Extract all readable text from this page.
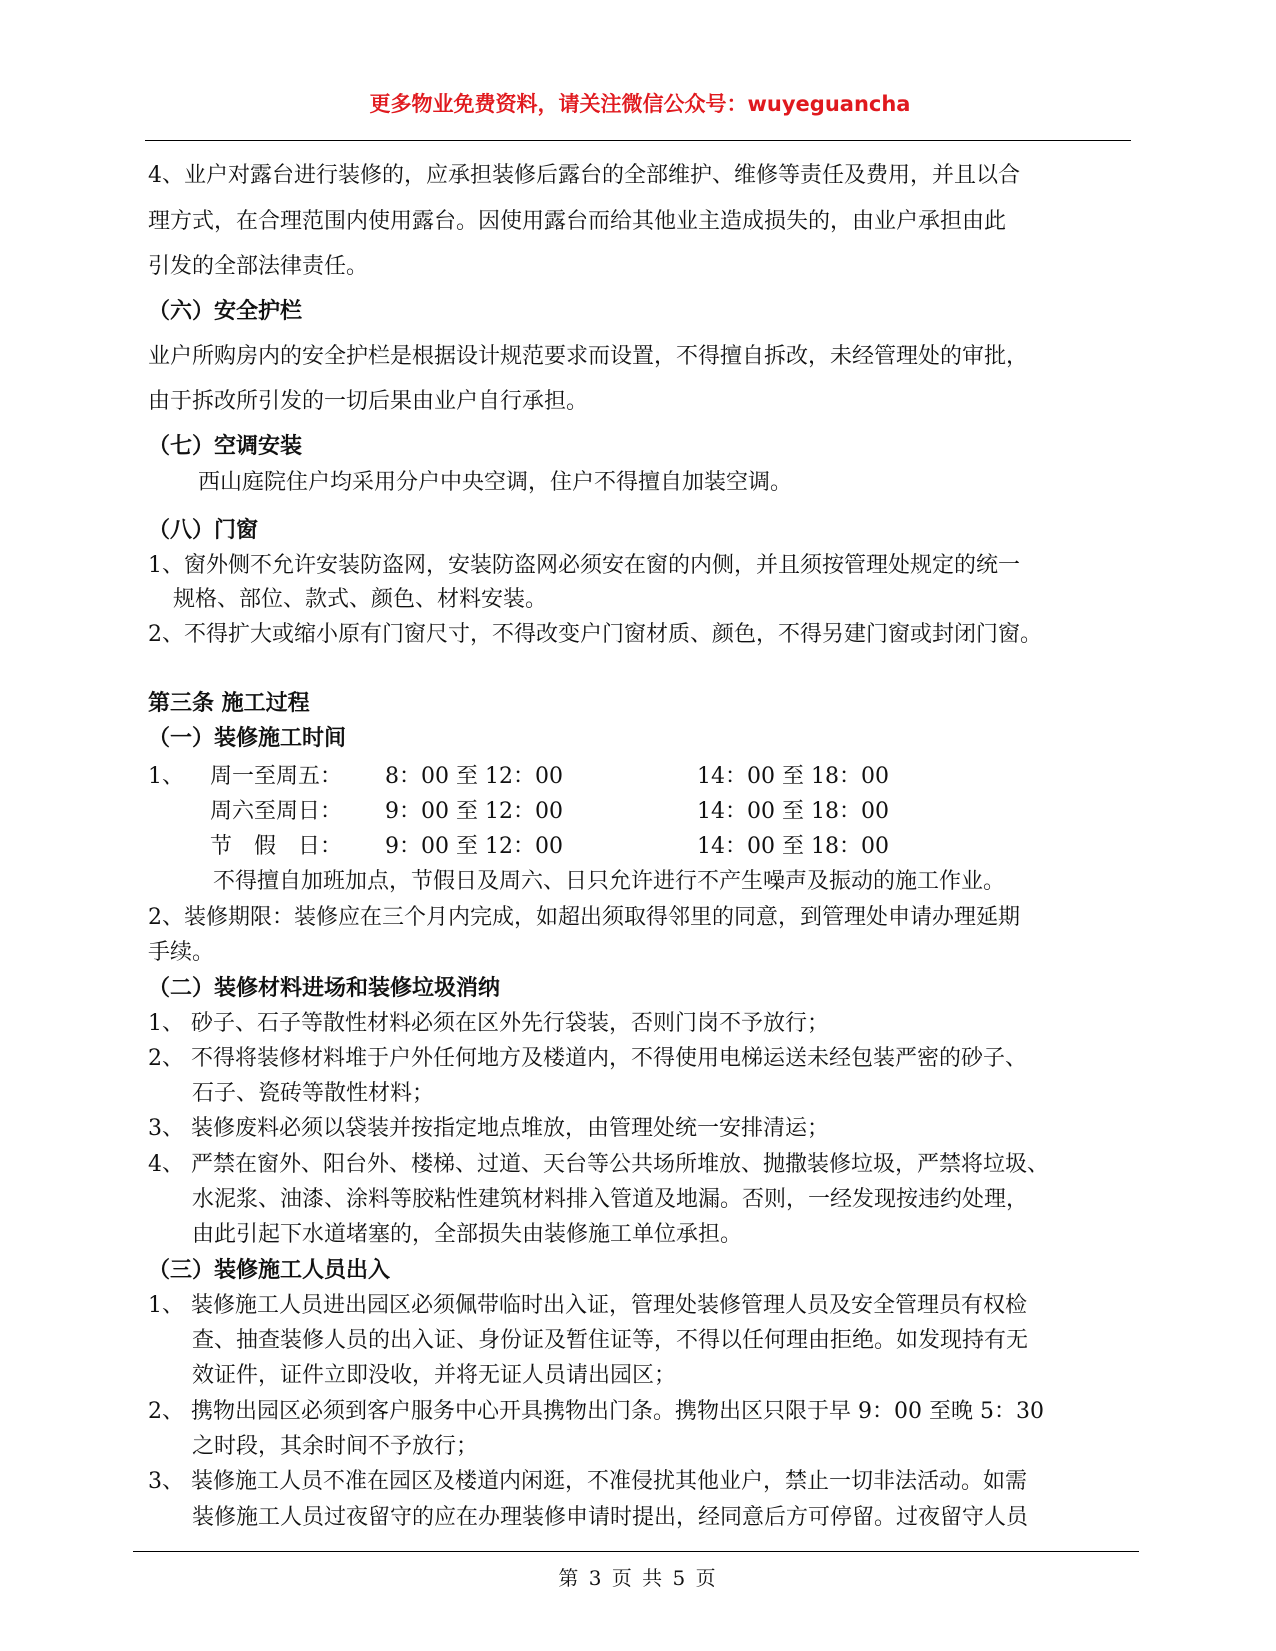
更多物业免费资料，请关注微信公众号：wuyeguancha
4、业户对露台进行装修的，应承担装修后露台的全部维护、维修等责任及费用，并且以合
理方式，在合理范围内使用露台。因使用露台而给其他业主造成损失的，由业户承担由此
引发的全部法律责任。
（六）安全护栏
业户所购房内的安全护栏是根据设计规范要求而设置，不得擅自拆改，未经管理处的审批，
由于拆改所引发的一切后果由业户自行承担。
（七）空调安装
西山庭院住户均采用分户中央空调，住户不得擅自加装空调。
（八）门窗
1、窗外侧不允许安装防盗网，安装防盗网必须安在窗的内侧，并且须按管理处规定的统一
规格、部位、款式、颜色、材料安装。
2、不得扩大或缩小原有门窗尺寸，不得改变户门窗材质、颜色，不得另建门窗或封闭门窗。
第三条 施工过程
（一）装修施工时间
1、 周一至周五： 8：00 至 12：00	14：00 至 18：00
周六至周日： 9：00 至 12：00	14：00 至 18：00
节　假　日： 9：00 至 12：00	14：00 至 18：00
不得擅自加班加点，节假日及周六、日只允许进行不产生噪声及振动的施工作业。
2、装修期限：装修应在三个月内完成，如超出须取得邻里的同意，到管理处申请办理延期
手续。
（二）装修材料进场和装修垃圾消纳
1、 砂子、石子等散性材料必须在区外先行袋装，否则门岗不予放行；
2、 不得将装修材料堆于户外任何地方及楼道内，不得使用电梯运送未经包装严密的砂子、
石子、瓷砖等散性材料；
3、 装修废料必须以袋装并按指定地点堆放，由管理处统一安排清运；
4、 严禁在窗外、阳台外、楼梯、过道、天台等公共场所堆放、抛撒装修垃圾，严禁将垃圾、
水泥浆、油漆、涂料等胶粘性建筑材料排入管道及地漏。否则，一经发现按违约处理，
由此引起下水道堵塞的，全部损失由装修施工单位承担。
（三）装修施工人员出入
1、 装修施工人员进出园区必须佩带临时出入证，管理处装修管理人员及安全管理员有权检
查、抽查装修人员的出入证、身份证及暂住证等，不得以任何理由拒绝。如发现持有无
效证件，证件立即没收，并将无证人员请出园区；
2、 携物出园区必须到客户服务中心开具携物出门条。携物出区只限于早 9：00 至晚 5：30
之时段，其余时间不予放行；
3、 装修施工人员不准在园区及楼道内闲逛，不准侵扰其他业户，禁止一切非法活动。如需
装修施工人员过夜留守的应在办理装修申请时提出，经同意后方可停留。过夜留守人员
第 3 页 共 5 页
